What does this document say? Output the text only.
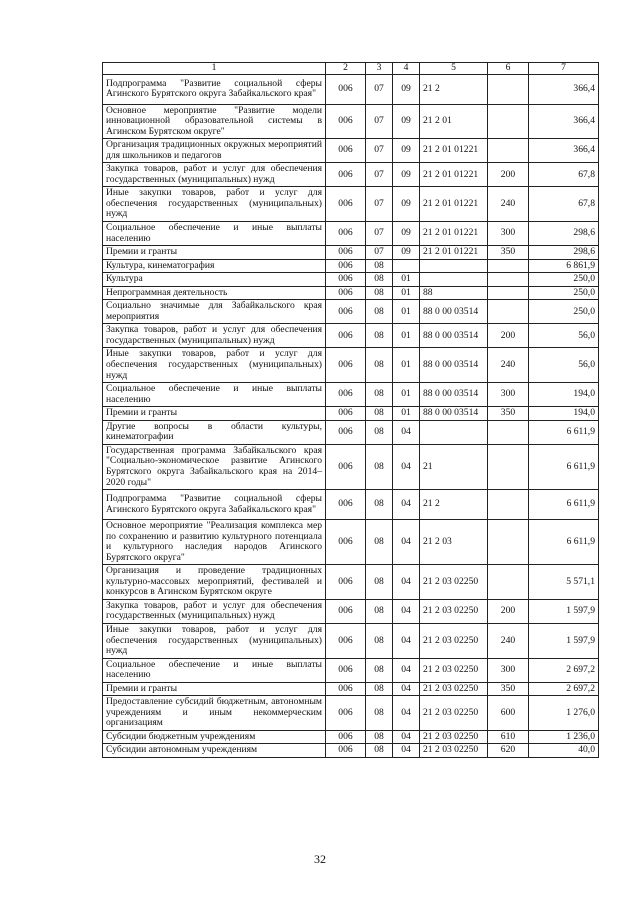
1	2	3	4	5	6	7
Подпрограмма "Развитие социальной сферы Агинского Бурятского округа Забайкальского края"	006	07	09	21 2		366,4
Основное мероприятие "Развитие модели инновационной образовательной системы в Агинском Бурятском округе"	006	07	09	21 2 01		366,4
Организация традиционных окружных мероприятий для школьников и педагогов	006	07	09	21 2 01 01221		366,4
Закупка товаров, работ и услуг для обеспечения государственных (муниципальных) нужд	006	07	09	21 2 01 01221	200	67,8
Иные закупки товаров, работ и услуг для обеспечения государственных (муниципальных) нужд	006	07	09	21 2 01 01221	240	67,8
Социальное обеспечение и иные выплаты населению	006	07	09	21 2 01 01221	300	298,6
Премии и гранты	006	07	09	21 2 01 01221	350	298,6
Культура, кинематография	006	08				6 861,9
Культура	006	08	01			250,0
Непрограммная деятельность	006	08	01	88		250,0
Социально значимые для Забайкальского края мероприятия	006	08	01	88 0 00 03514		250,0
Закупка товаров, работ и услуг для обеспечения государственных (муниципальных) нужд	006	08	01	88 0 00 03514	200	56,0
Иные закупки товаров, работ и услуг для обеспечения государственных (муниципальных) нужд	006	08	01	88 0 00 03514	240	56,0
Социальное обеспечение и иные выплаты населению	006	08	01	88 0 00 03514	300	194,0
Премии и гранты	006	08	01	88 0 00 03514	350	194,0
Другие вопросы в области культуры, кинематографии	006	08	04			6 611,9
Государственная программа Забайкальского края "Социально-экономическое развитие Агинского Бурятского округа Забайкальского края на 2014–2020 годы"	006	08	04	21		6 611,9
Подпрограмма "Развитие социальной сферы Агинского Бурятского округа Забайкальского края"	006	08	04	21 2		6 611,9
Основное мероприятие "Реализация комплекса мер по сохранению и развитию культурного потенциала и культурного наследия народов Агинского Бурятского округа"	006	08	04	21 2 03		6 611,9
Организация и проведение традиционных культурно-массовых мероприятий, фестивалей и конкурсов в Агинском Бурятском округе	006	08	04	21 2 03 02250		5 571,1
Закупка товаров, работ и услуг для обеспечения государственных (муниципальных) нужд	006	08	04	21 2 03 02250	200	1 597,9
Иные закупки товаров, работ и услуг для обеспечения государственных (муниципальных) нужд	006	08	04	21 2 03 02250	240	1 597,9
Социальное обеспечение и иные выплаты населению	006	08	04	21 2 03 02250	300	2 697,2
Премии и гранты	006	08	04	21 2 03 02250	350	2 697,2
Предоставление субсидий бюджетным, автономным учреждениям и иным некоммерческим организациям	006	08	04	21 2 03 02250	600	1 276,0
Субсидии бюджетным учреждениям	006	08	04	21 2 03 02250	610	1 236,0
Субсидии автономным учреждениям	006	08	04	21 2 03 02250	620	40,0
32
